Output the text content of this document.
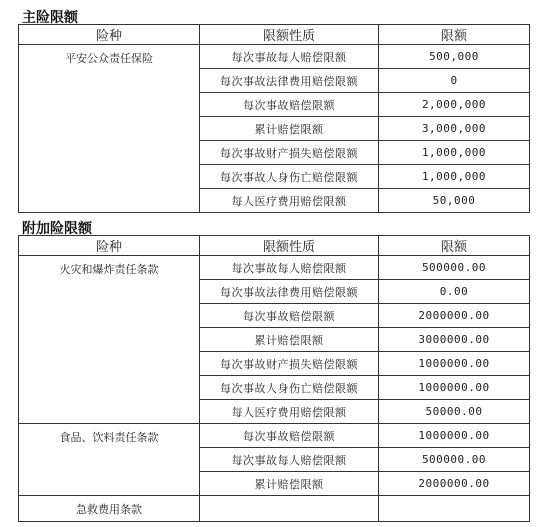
主险限额
险种	限额性质	限额
平安公众责任保险	每次事故每人赔偿限额	500,000
	每次事故法律费用赔偿限额	0
	每次事故赔偿限额	2,000,000
	累计赔偿限额	3,000,000
	每次事故财产损失赔偿限额	1,000,000
	每次事故人身伤亡赔偿限额	1,000,000
	每人医疗费用赔偿限额	50,000
附加险限额
险种	限额性质	限额
火灾和爆炸责任条款	每次事故每人赔偿限额	500000.00
	每次事故法律费用赔偿限额	0.00
	每次事故赔偿限额	2000000.00
	累计赔偿限额	3000000.00
	每次事故财产损失赔偿限额	1000000.00
	每次事故人身伤亡赔偿限额	1000000.00
	每人医疗费用赔偿限额	50000.00
食品、饮料责任条款	每次事故赔偿限额	1000000.00
	每次事故每人赔偿限额	500000.00
	累计赔偿限额	2000000.00
急救费用条款		
